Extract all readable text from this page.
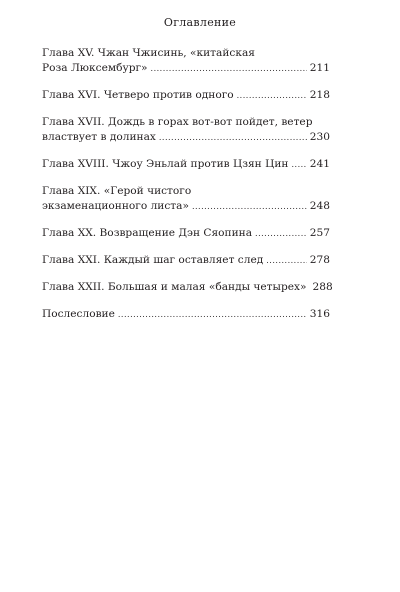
Оглавление
Глава XV. Чжан Чжисинь, «китайская
Роза Люксембург» .....	211
Глава XVI. Четверо против одного .....	218
Глава XVII. Дождь в горах вот-вот пойдет, ветер
властвует в долинах .....	230
Глава XVIII. Чжоу Эньлай против Цзян Цин ..... 241
Глава XIX. «Герой чистого
экзаменационного листа» .....	248
Глава XX. Возвращение Дэн Сяопина .....	257
Глава XXI. Каждый шаг оставляет след .....	278
Глава XXII. Большая и малая «банды четырех» 288
Послесловие .....	316
